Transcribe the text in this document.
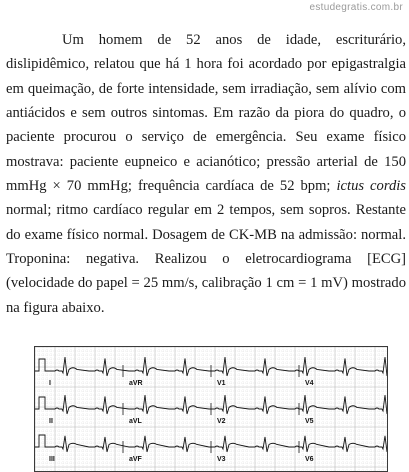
estudegratis.com.br

Um homem de 52 anos de idade, escriturário, dislipidêmico, relatou que há 1 hora foi acordado por epigastralgia em queimação, de forte intensidade, sem irradiação, sem alívio com antiácidos e sem outros sintomas. Em razão da piora do quadro, o paciente procurou o serviço de emergência. Seu exame físico mostrava: paciente eupneico e acianótico; pressão arterial de 150 mmHg × 70 mmHg; frequência cardíaca de 52 bpm; ictus cordis normal; ritmo cardíaco regular em 2 tempos, sem sopros. Restante do exame físico normal. Dosagem de CK-MB na admissão: normal. Troponina: negativa. Realizou o eletrocardiograma [ECG] (velocidade do papel = 25 mm/s, calibração 1 cm = 1 mV) mostrado na figura abaixo.

I	aVR	V1	V4
II	aVL	V2	V5
III	aVF	V3	V6
